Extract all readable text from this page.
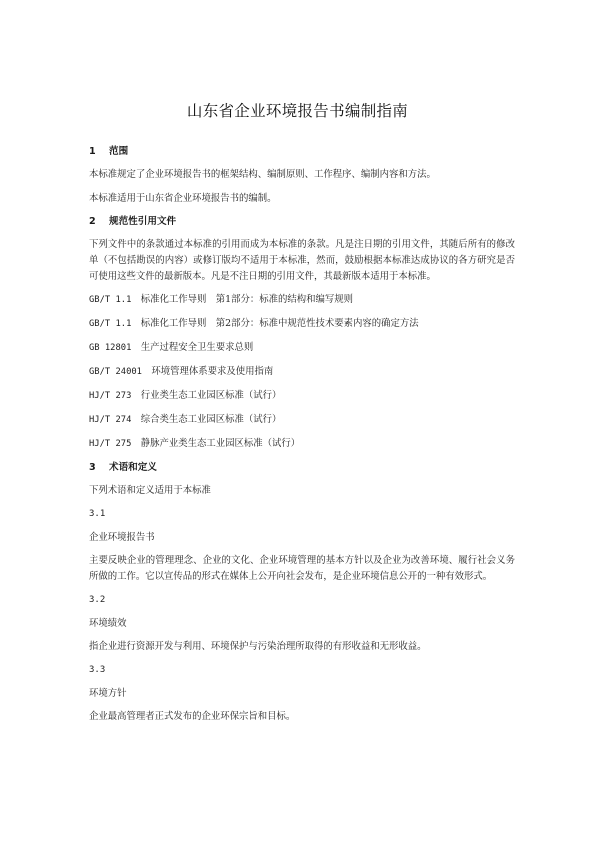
山东省企业环境报告书编制指南

1 范围

本标准规定了企业环境报告书的框架结构、编制原则、工作程序、编制内容和方法。

本标准适用于山东省企业环境报告书的编制。

2 规范性引用文件

下列文件中的条款通过本标准的引用而成为本标准的条款。凡是注日期的引用文件，其随后所有的修改单（不包括勘误的内容）或修订版均不适用于本标准，然而，鼓励根据本标准达成协议的各方研究是否可使用这些文件的最新版本。凡是不注日期的引用文件，其最新版本适用于本标准。

GB/T 1.1　 标准化工作导则　第1部分：标准的结构和编写规则

GB/T 1.1　 标准化工作导则　第2部分：标准中规范性技术要素内容的确定方法

GB 12801　 生产过程安全卫生要求总则

GB/T 24001　 环境管理体系要求及使用指南

HJ/T 273　 行业类生态工业园区标准（试行）

HJ/T 274　 综合类生态工业园区标准（试行）

HJ/T 275　 静脉产业类生态工业园区标准（试行）

3 术语和定义

下列术语和定义适用于本标准

3.1

企业环境报告书

主要反映企业的管理理念、企业的文化、企业环境管理的基本方针以及企业为改善环境、履行社会义务所做的工作。它以宣传品的形式在媒体上公开向社会发布，是企业环境信息公开的一种有效形式。

3.2

环境绩效

指企业进行资源开发与利用、环境保护与污染治理所取得的有形收益和无形收益。

3.3

环境方针

企业最高管理者正式发布的企业环保宗旨和目标。
